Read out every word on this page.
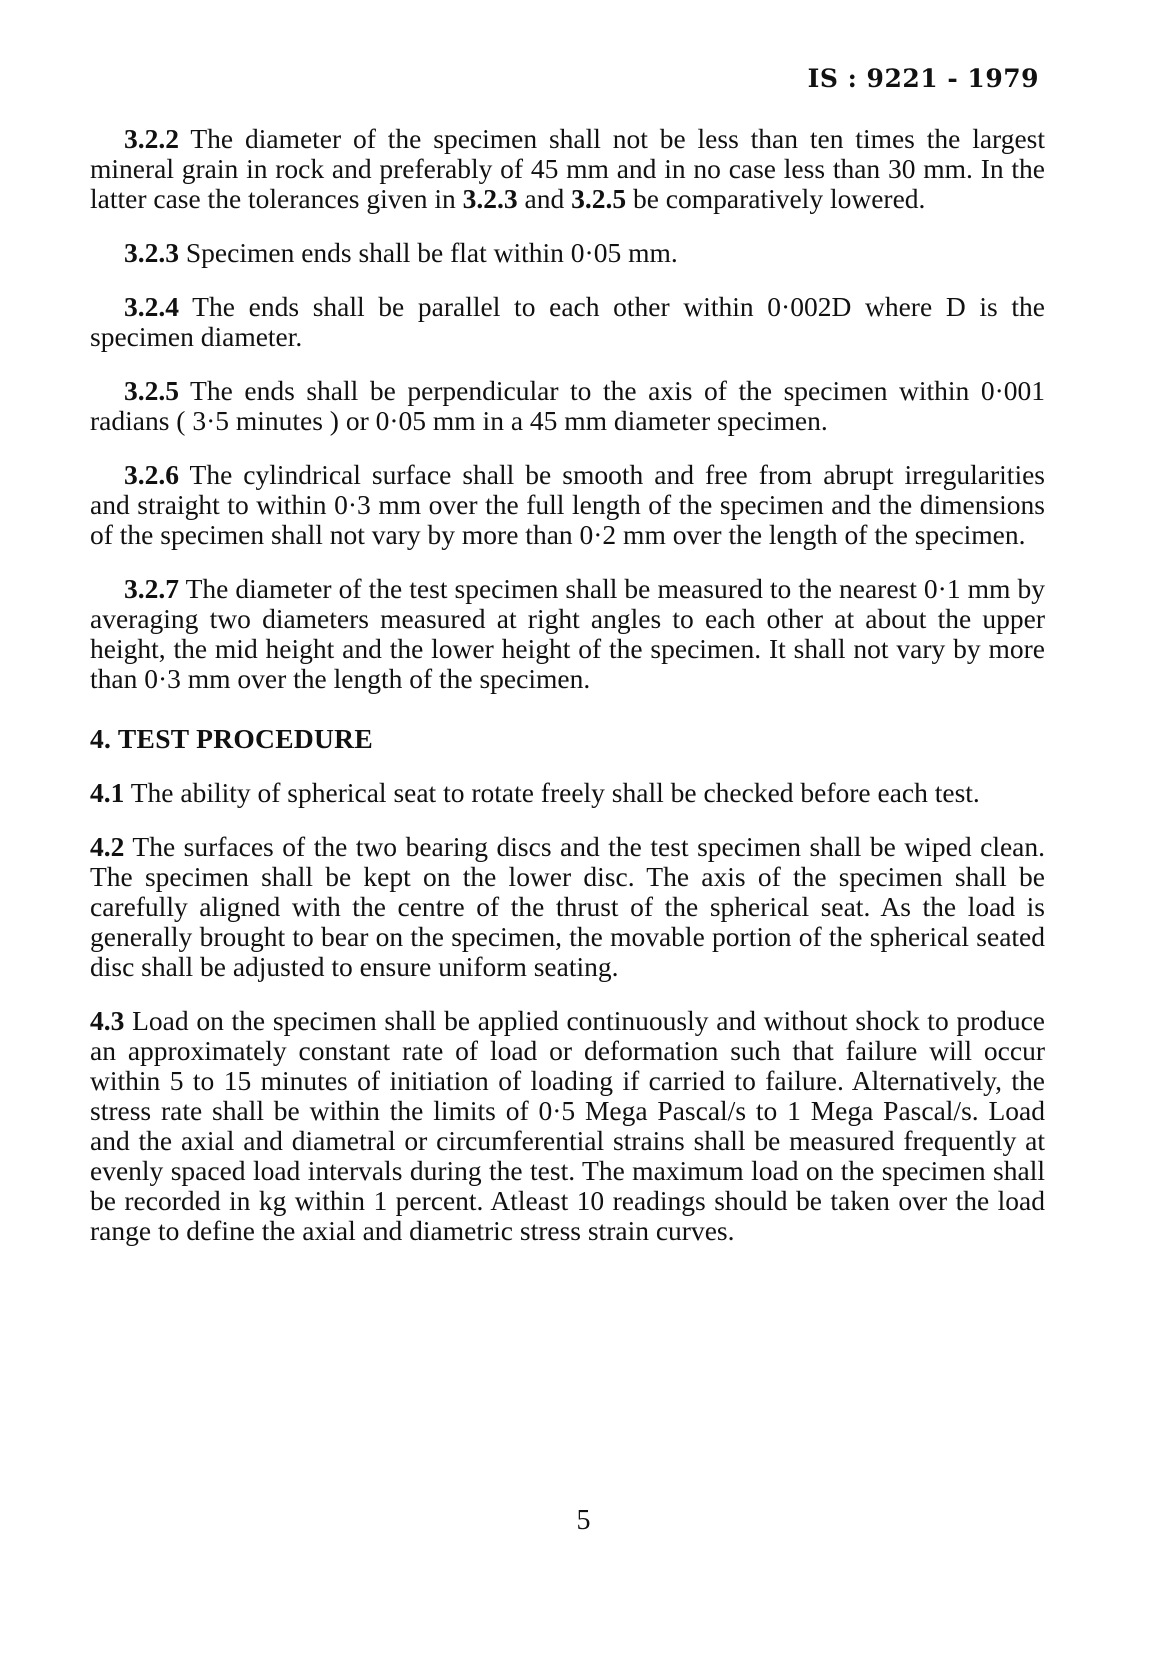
IS : 9221 - 1979

3.2.2 The diameter of the specimen shall not be less than ten times the largest mineral grain in rock and preferably of 45 mm and in no case less than 30 mm. In the latter case the tolerances given in 3.2.3 and 3.2.5 be comparatively lowered.

3.2.3 Specimen ends shall be flat within 0·05 mm.

3.2.4 The ends shall be parallel to each other within 0·002D where D is the specimen diameter.

3.2.5 The ends shall be perpendicular to the axis of the specimen within 0·001 radians ( 3·5 minutes ) or 0·05 mm in a 45 mm diameter specimen.

3.2.6 The cylindrical surface shall be smooth and free from abrupt irregularities and straight to within 0·3 mm over the full length of the specimen and the dimensions of the specimen shall not vary by more than 0·2 mm over the length of the specimen.

3.2.7 The diameter of the test specimen shall be measured to the nearest 0·1 mm by averaging two diameters measured at right angles to each other at about the upper height, the mid height and the lower height of the specimen. It shall not vary by more than 0·3 mm over the length of the specimen.

4. TEST PROCEDURE

4.1 The ability of spherical seat to rotate freely shall be checked before each test.

4.2 The surfaces of the two bearing discs and the test specimen shall be wiped clean. The specimen shall be kept on the lower disc. The axis of the specimen shall be carefully aligned with the centre of the thrust of the spherical seat. As the load is generally brought to bear on the specimen, the movable portion of the spherical seated disc shall be adjusted to ensure uniform seating.

4.3 Load on the specimen shall be applied continuously and without shock to produce an approximately constant rate of load or deformation such that failure will occur within 5 to 15 minutes of initiation of loading if carried to failure. Alternatively, the stress rate shall be within the limits of 0·5 Mega Pascal/s to 1 Mega Pascal/s. Load and the axial and diametral or circumferential strains shall be measured frequently at evenly spaced load intervals during the test. The maximum load on the specimen shall be recorded in kg within 1 percent. Atleast 10 readings should be taken over the load range to define the axial and diametric stress strain curves.

5
